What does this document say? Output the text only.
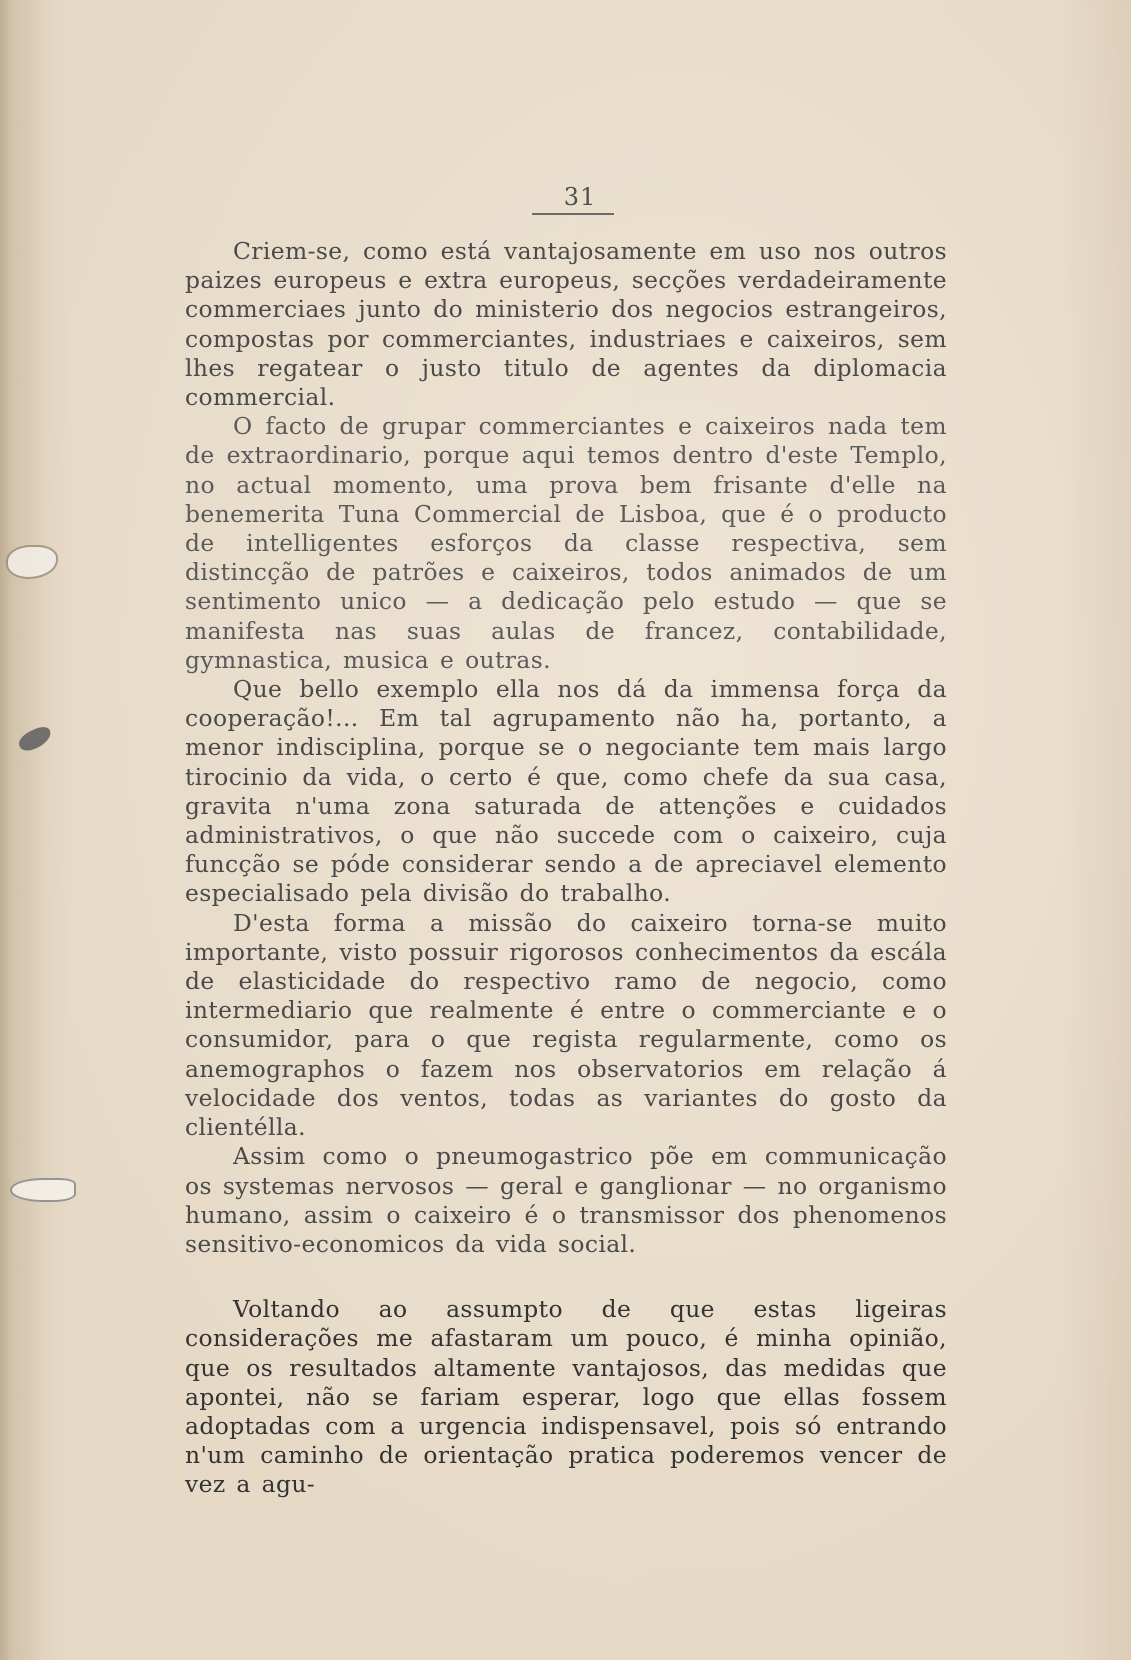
31

Criem-se, como está vantajosamente em uso nos outros paizes europeus e extra europeus, secções verdadeiramente commerciaes junto do ministerio dos negocios estrangeiros, compostas por commerciantes, industriaes e caixeiros, sem lhes regatear o justo titulo de agentes da diplomacia commercial.

O facto de grupar commerciantes e caixeiros nada tem de extraordinario, porque aqui temos dentro d'este Templo, no actual momento, uma prova bem frisante d'elle na benemerita Tuna Commercial de Lisboa, que é o producto de intelligentes esforços da classe respectiva, sem distincção de patrões e caixeiros, todos animados de um sentimento unico — a dedicação pelo estudo — que se manifesta nas suas aulas de francez, contabilidade, gymnastica, musica e outras.

Que bello exemplo ella nos dá da immensa força da cooperação!... Em tal agrupamento não ha, portanto, a menor indisciplina, porque se o negociante tem mais largo tirocinio da vida, o certo é que, como chefe da sua casa, gravita n'uma zona saturada de attenções e cuidados administrativos, o que não succede com o caixeiro, cuja funcção se póde considerar sendo a de apreciavel elemento especialisado pela divisão do trabalho.

D'esta forma a missão do caixeiro torna-se muito importante, visto possuir rigorosos conhecimentos da escála de elasticidade do respectivo ramo de negocio, como intermediario que realmente é entre o commerciante e o consumidor, para o que regista regularmente, como os anemographos o fazem nos observatorios em relação á velocidade dos ventos, todas as variantes do gosto da clientélla.

Assim como o pneumogastrico põe em communicação os systemas nervosos — geral e ganglionar — no organismo humano, assim o caixeiro é o transmissor dos phenomenos sensitivo-economicos da vida social.

Voltando ao assumpto de que estas ligeiras considerações me afastaram um pouco, é minha opinião, que os resultados altamente vantajosos, das medidas que apontei, não se fariam esperar, logo que ellas fossem adoptadas com a urgencia indispensavel, pois só entrando n'um caminho de orientação pratica poderemos vencer de vez a agu-
